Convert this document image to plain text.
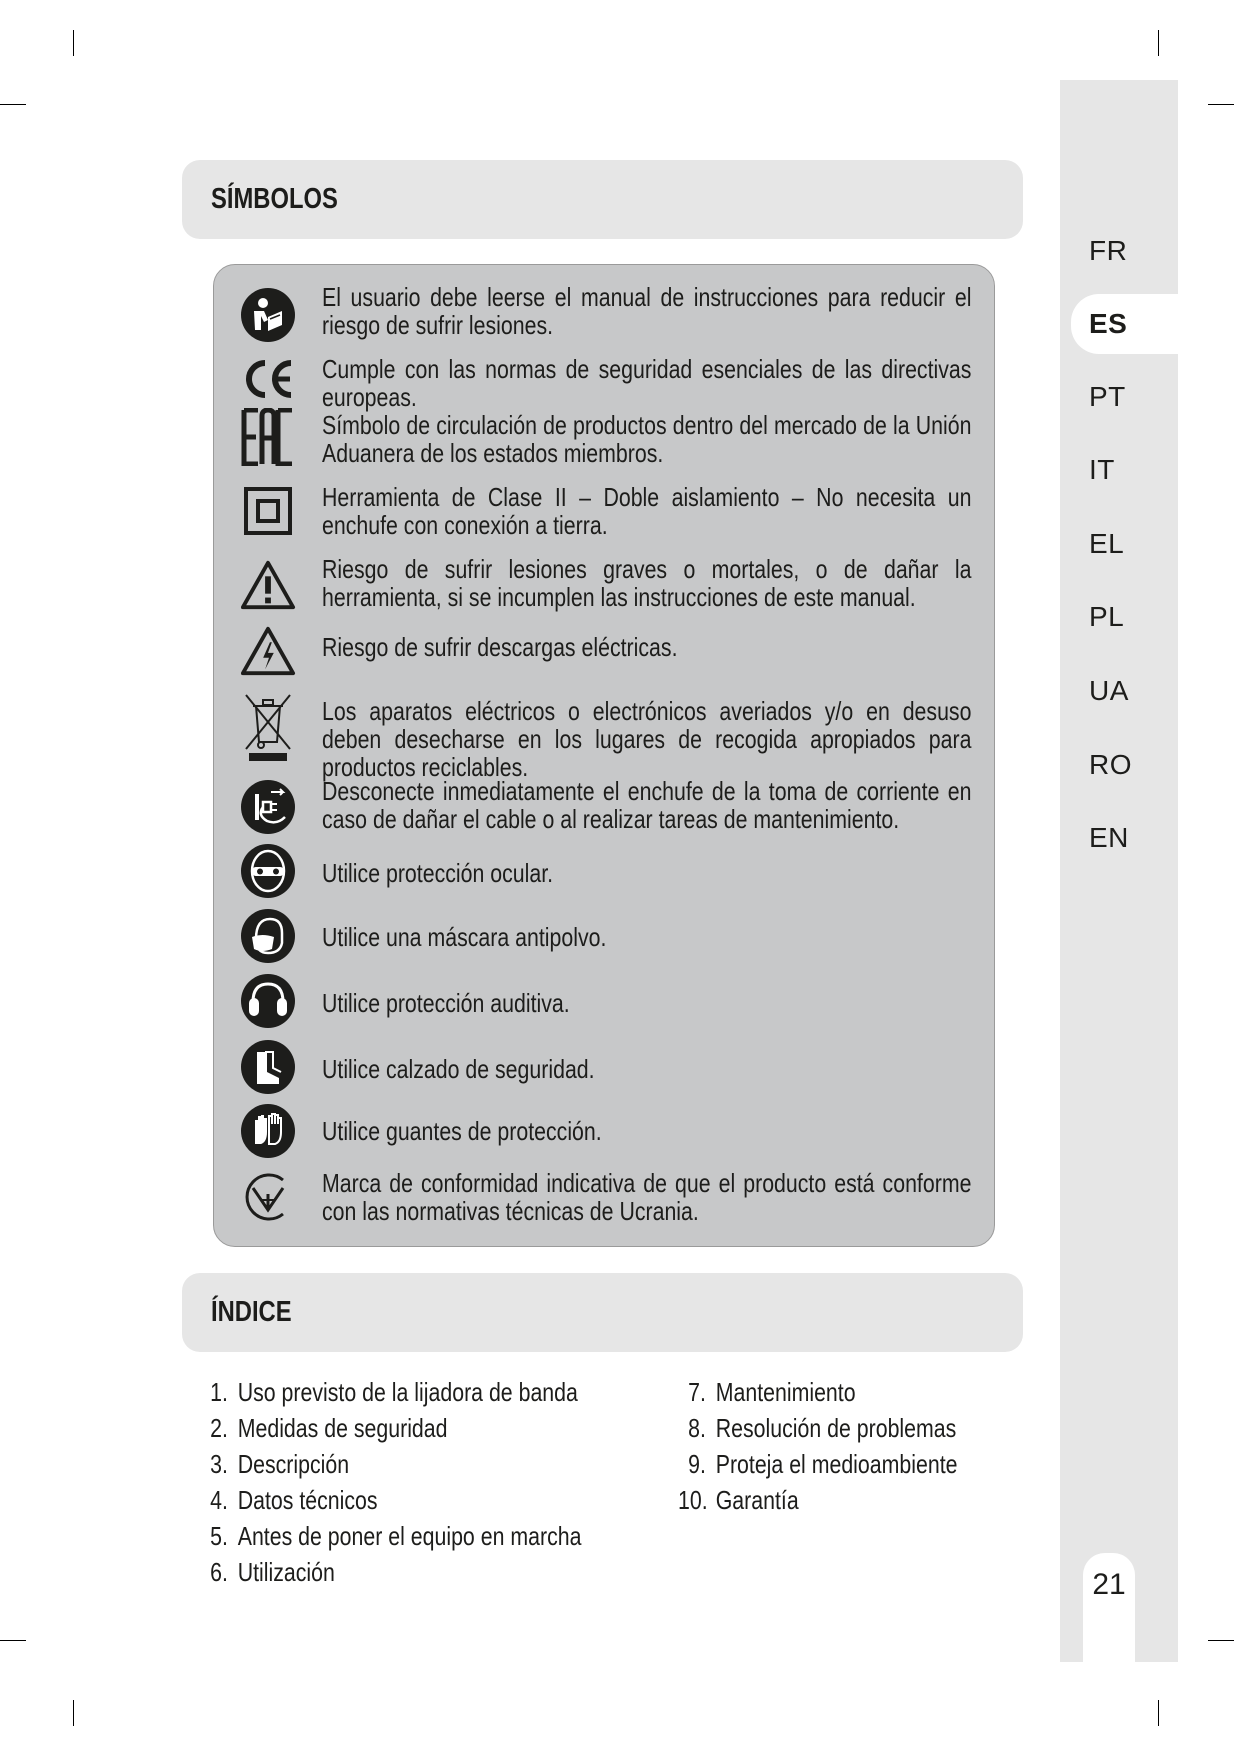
FR
ES
PT
IT
EL
PL
UA
RO
EN
21
SÍMBOLOS
El usuario debe leerse el manual de instrucciones para reducir el riesgo de sufrir lesiones.
Cumple con las normas de seguridad esenciales de las directivas europeas.
Símbolo de circulación de productos dentro del mercado de la Unión Aduanera de los estados miembros.
Herramienta de Clase II – Doble aislamiento – No necesita un enchufe con conexión a tierra.
Riesgo de sufrir lesiones graves o mortales, o de dañar la herramienta, si se incumplen las instrucciones de este manual.
Riesgo de sufrir descargas eléctricas.
Los aparatos eléctricos o electrónicos averiados y/o en desuso deben desecharse en los lugares de recogida apropiados para productos reciclables.
Desconecte inmediatamente el enchufe de la toma de corriente en caso de dañar el cable o al realizar tareas de mantenimiento.
Utilice protección ocular.
Utilice una máscara antipolvo.
Utilice protección auditiva.
Utilice calzado de seguridad.
Utilice guantes de protección.
Marca de conformidad indicativa de que el producto está conforme con las normativas técnicas de Ucrania.
ÍNDICE
1. Uso previsto de la lijadora de banda
2. Medidas de seguridad
3. Descripción
4. Datos técnicos
5. Antes de poner el equipo en marcha
6. Utilización
7. Mantenimiento
8. Resolución de problemas
9. Proteja el medioambiente
10. Garantía
